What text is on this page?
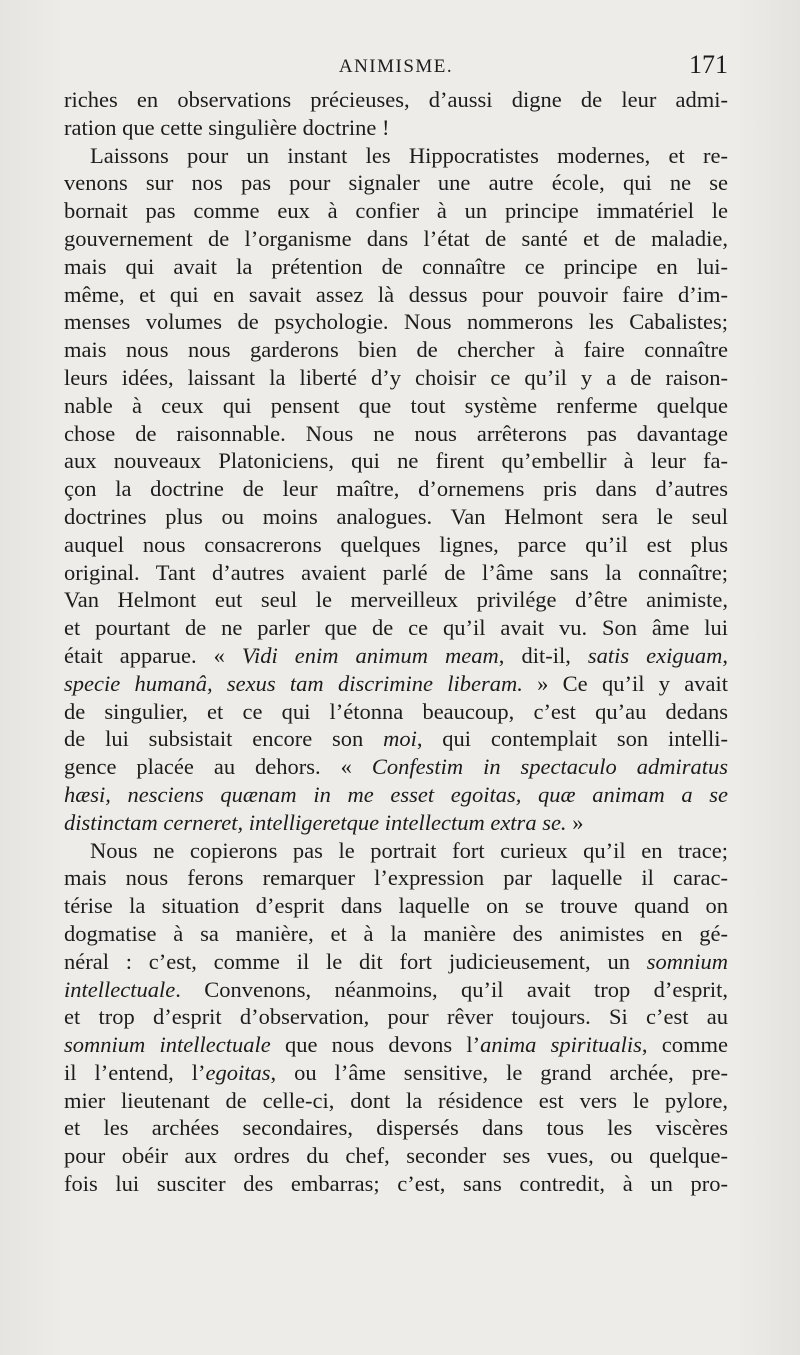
ANIMISME.	171
riches en observations précieuses, d’aussi digne de leur admi-
ration que cette singulière doctrine !
Laissons pour un instant les Hippocratistes modernes, et re-
venons sur nos pas pour signaler une autre école, qui ne se
bornait pas comme eux à confier à un principe immatériel le
gouvernement de l’organisme dans l’état de santé et de maladie,
mais qui avait la prétention de connaître ce principe en lui-
même, et qui en savait assez là dessus pour pouvoir faire d’im-
menses volumes de psychologie. Nous nommerons les Cabalistes;
mais nous nous garderons bien de chercher à faire connaître
leurs idées, laissant la liberté d’y choisir ce qu’il y a de raison-
nable à ceux qui pensent que tout système renferme quelque
chose de raisonnable. Nous ne nous arrêterons pas davantage
aux nouveaux Platoniciens, qui ne firent qu’embellir à leur fa-
çon la doctrine de leur maître, d’ornemens pris dans d’autres
doctrines plus ou moins analogues. Van Helmont sera le seul
auquel nous consacrerons quelques lignes, parce qu’il est plus
original. Tant d’autres avaient parlé de l’âme sans la connaître;
Van Helmont eut seul le merveilleux privilége d’être animiste,
et pourtant de ne parler que de ce qu’il avait vu. Son âme lui
était apparue. « Vidi enim animum meam, dit-il, satis exiguam,
specie humanâ, sexus tam discrimine liberam. » Ce qu’il y avait
de singulier, et ce qui l’étonna beaucoup, c’est qu’au dedans
de lui subsistait encore son moi, qui contemplait son intelli-
gence placée au dehors. « Confestim in spectaculo admiratus
hæsi, nesciens quænam in me esset egoitas, quæ animam a se
distinctam cerneret, intelligeretque intellectum extra se. »
Nous ne copierons pas le portrait fort curieux qu’il en trace;
mais nous ferons remarquer l’expression par laquelle il carac-
térise la situation d’esprit dans laquelle on se trouve quand on
dogmatise à sa manière, et à la manière des animistes en gé-
néral : c’est, comme il le dit fort judicieusement, un somnium
intellectuale. Convenons, néanmoins, qu’il avait trop d’esprit,
et trop d’esprit d’observation, pour rêver toujours. Si c’est au
somnium intellectuale que nous devons l’anima spiritualis, comme
il l’entend, l’egoitas, ou l’âme sensitive, le grand archée, pre-
mier lieutenant de celle-ci, dont la résidence est vers le pylore,
et les archées secondaires, dispersés dans tous les viscères
pour obéir aux ordres du chef, seconder ses vues, ou quelque-
fois lui susciter des embarras; c’est, sans contredit, à un pro-
